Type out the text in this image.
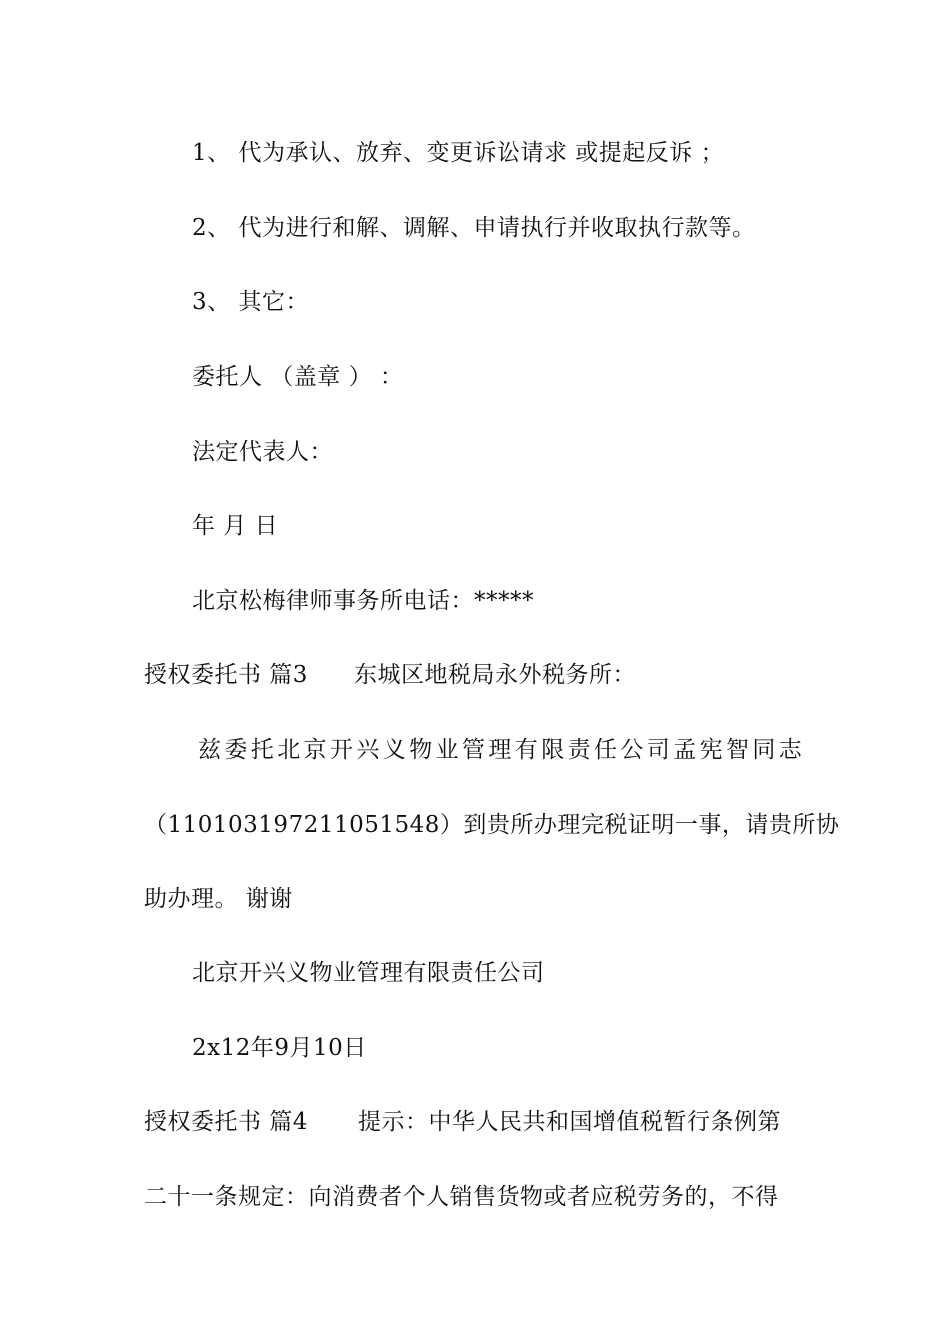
1、 代为承认、放弃、变更诉讼请求 或提起反诉 ；
2、 代为进行和解、调解、申请执行并收取执行款等。
3、 其它：
委托人 （盖章 ） ：
法定代表人：
年 月 日
北京松梅律师事务所电话：*****
授权委托书 篇3 东城区地税局永外税务所：
兹委托北京开兴义物业管理有限责任公司孟宪智同志
（110103197211051548）到贵所办理完税证明一事，请贵所协
助办理。 谢谢
北京开兴义物业管理有限责任公司
2x12年9月10日
授权委托书 篇4 提示：中华人民共和国增值税暂行条例第
二十一条规定：向消费者个人销售货物或者应税劳务的，不得
